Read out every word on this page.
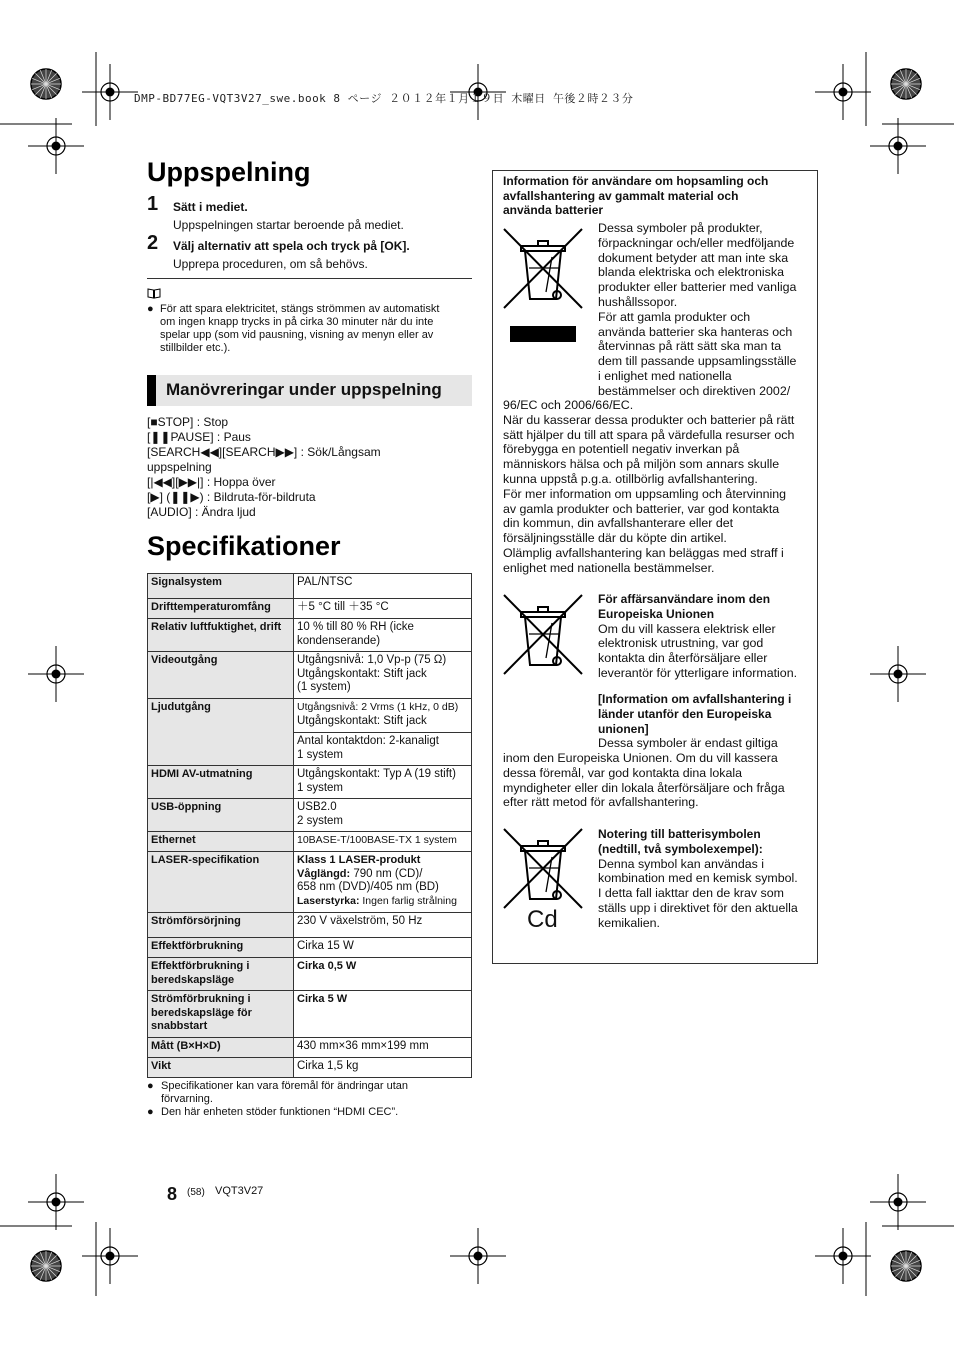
DMP-BD77EG-VQT3V27_swe.book 8 ページ ２０１２年１月１９日 木曜日 午後２時２３分
Uppspelning
1 Sätt i mediet.
Uppspelningen startar beroende på mediet.
2 Välj alternativ att spela och tryck på [OK].
Upprepa proceduren, om så behövs.
● För att spara elektricitet, stängs strömmen av automatiskt
om ingen knapp trycks in på cirka 30 minuter när du inte
spelar upp (som vid pausning, visning av menyn eller av
stillbilder etc.).
Manövreringar under uppspelning
[■STOP] : Stop
[❚❚PAUSE] : Paus
[SEARCH◀◀][SEARCH▶▶] : Sök/Långsam
uppspelning
[|◀◀][▶▶|] : Hoppa över
[▶] (❚❚▶) : Bildruta-för-bildruta
[AUDIO] : Ändra ljud
Specifikationer
Signalsystem	PAL/NTSC
Drifttemperaturomfång	＋5 °C till ＋35 °C
Relativ luftfuktighet, drift	10 % till 80 % RH (icke kondenserande)
Videoutgång	Utgångsnivå: 1,0 Vp-p (75 Ω)
Utgångskontakt: Stift jack
(1 system)

Ljudutgång	Utgångsnivå: 2 Vrms (1 kHz, 0 dB)
Utgångskontakt: Stift jack

	Antal kontaktdon: 2-kanaligt
1 system

HDMI AV-utmatning	Utgångskontakt: Typ A (19 stift)
1 system

USB-öppning	USB2.0
2 system

Ethernet	10BASE-T/100BASE-TX 1 system
LASER-specifikation	Klass 1 LASER-produkt
Våglängd: 790 nm (CD)/
658 nm (DVD)/405 nm (BD)
Laserstyrka: Ingen farlig strålning

Strömförsörjning	230 V växelström, 50 Hz
Effektförbrukning	Cirka 15 W
Effektförbrukning i beredskapsläge	Cirka 0,5 W
Strömförbrukning i beredskapsläge för snabbstart	Cirka 5 W
Mått (B×H×D)	430 mm×36 mm×199 mm
Vikt	Cirka 1,5 kg
● Specifikationer kan vara föremål för ändringar utan
förvarning.
● Den här enheten stöder funktionen “HDMI CEC”.
8 (58) VQT3V27
Information för användare om hopsamling och
avfallshantering av gammalt material och
använda batterier
Dessa symboler på produkter,
förpackningar och/eller medföljande
dokument betyder att man inte ska
blanda elektriska och elektroniska
produkter eller batterier med vanliga
hushållssopor.
För att gamla produkter och
använda batterier ska hanteras och
återvinnas på rätt sätt ska man ta
dem till passande uppsamlingsställe
i enlighet med nationella
bestämmelser och direktiven 2002/
96/EC och 2006/66/EC.
När du kasserar dessa produkter och batterier på rätt
sätt hjälper du till att spara på värdefulla resurser och
förebygga en potentiell negativ inverkan på
människors hälsa och på miljön som annars skulle
kunna uppstå p.g.a. otillbörlig avfallshantering.
För mer information om uppsamling och återvinning
av gamla produkter och batterier, var god kontakta
din kommun, din avfallshanterare eller det
försäljningsställe där du köpte din artikel.
Olämplig avfallshantering kan beläggas med straff i
enlighet med nationella bestämmelser.
För affärsanvändare inom den
Europeiska Unionen
Om du vill kassera elektrisk eller
elektronisk utrustning, var god
kontakta din återförsäljare eller
leverantör för ytterligare information.
[Information om avfallshantering i
länder utanför den Europeiska
unionen]
Dessa symboler är endast giltiga
inom den Europeiska Unionen. Om du vill kassera
dessa föremål, var god kontakta dina lokala
myndigheter eller din lokala återförsäljare och fråga
efter rätt metod för avfallshantering.
Cd
Notering till batterisymbolen
(nedtill, två symbolexempel):
Denna symbol kan användas i
kombination med en kemisk symbol.
I detta fall iakttar den de krav som
ställs upp i direktivet för den aktuella
kemikalien.
